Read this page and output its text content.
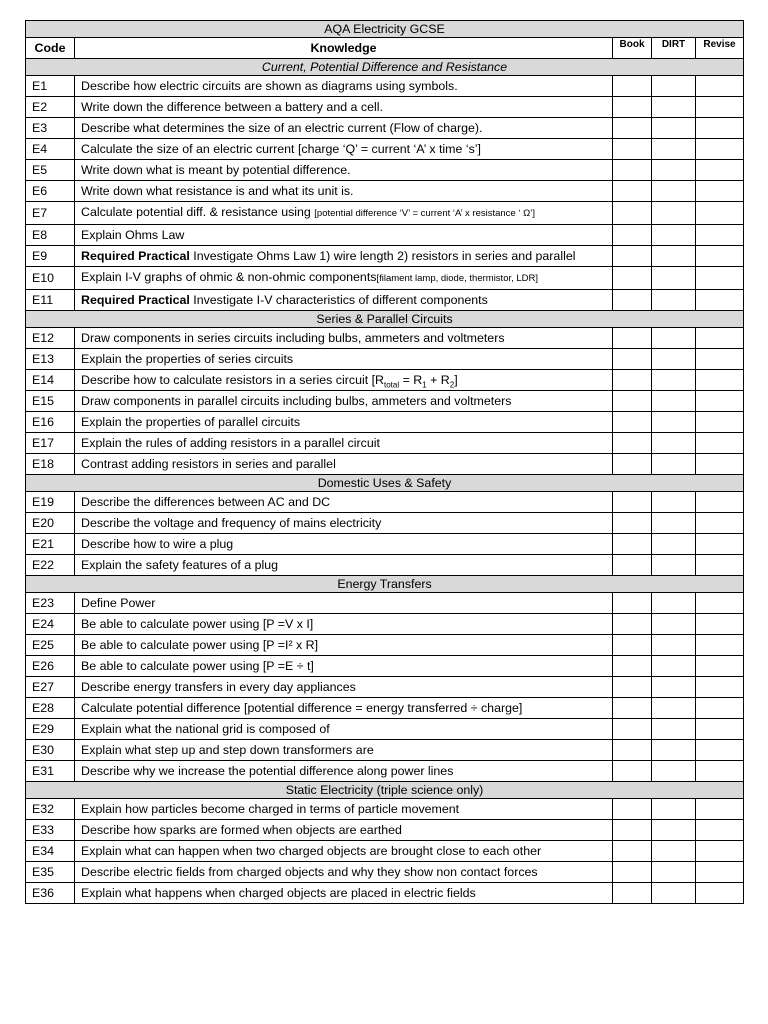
AQA Electricity GCSE				
Code	Knowledge	Book	DIRT	Revise
Current, Potential Difference and Resistance				
E1	Describe how electric circuits are shown as diagrams using symbols.			
E2	Write down the difference between a battery and a cell.			
E3	Describe what determines the size of an electric current (Flow of charge).			
E4	Calculate the size of an electric current [charge ‘Q’ = current ‘A’ x time ‘s’]			
E5	Write down what is meant by potential difference.			
E6	Write down what resistance is and what its unit is.			
E7	Calculate potential diff. & resistance using [potential difference ‘V’ = current ‘A’ x resistance ‘ Ω’]			
E8	Explain Ohms Law			
E9	Required Practical Investigate Ohms Law 1) wire length 2) resistors in series and parallel			
E10	Explain I-V graphs of ohmic & non-ohmic components[filament lamp, diode, thermistor, LDR]			
E11	Required Practical Investigate I-V characteristics of different components			
Series & Parallel Circuits				
E12	Draw components in series circuits including bulbs, ammeters and voltmeters			
E13	Explain the properties of series circuits			
E14	Describe how to calculate resistors in a series circuit $[R_{total} = R_1 + R_2]$			
E15	Draw components in parallel circuits including bulbs, ammeters and voltmeters			
E16	Explain the properties of parallel circuits			
E17	Explain the rules of adding resistors in a parallel circuit			
E18	Contrast adding resistors in series and parallel			
Domestic Uses & Safety				
E19	Describe the differences between AC and DC			
E20	Describe the voltage and frequency of mains electricity			
E21	Describe how to wire a plug			
E22	Explain the safety features of a plug			
Energy Transfers				
E23	Define Power			
E24	Be able to calculate power using [P =V x I]			
E25	Be able to calculate power using [P =I² x R]			
E26	Be able to calculate power using [P =E ÷ t]			
E27	Describe energy transfers in every day appliances			
E28	Calculate potential difference [potential difference = energy transferred ÷ charge]			
E29	Explain what the national grid is composed of			
E30	Explain what step up and step down transformers are			
E31	Describe why we increase the potential difference along power lines			
Static Electricity (triple science only)				
E32	Explain how particles become charged in terms of particle movement			
E33	Describe how sparks are formed when objects are earthed			
E34	Explain what can happen when two charged objects are brought close to each other			
E35	Describe electric fields from charged objects and why they show non contact forces			
E36	Explain what happens when charged objects are placed in electric fields			
